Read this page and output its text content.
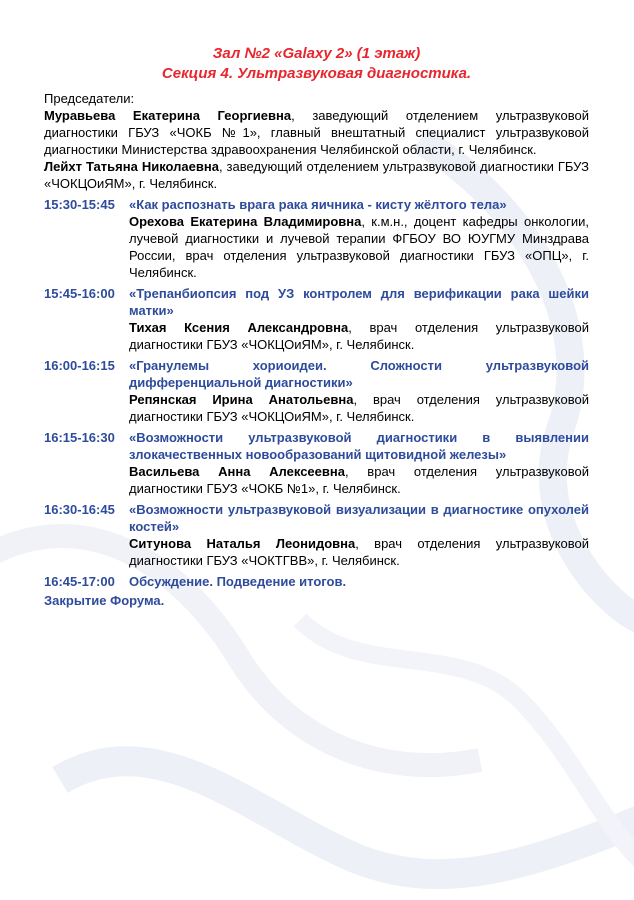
Зал №2 «Galaxy 2» (1 этаж)

Секция 4. Ультразвуковая диагностика.

Председатели:
Муравьева Екатерина Георгиевна, заведующий отделением ультразвуковой диагностики ГБУЗ «ЧОКБ №1», главный внештатный специалист ультразвуковой диагностики Министерства здравоохранения Челябинской области, г. Челябинск.
Лейхт Татьяна Николаевна, заведующий отделением ультразвуковой диагностики ГБУЗ «ЧОКЦОиЯМ», г. Челябинск.
15:30-15:45	«Как распознать врага рака яичника - кисту жёлтого тела»
Орехова Екатерина Владимировна, к.м.н., доцент кафедры онкологии, лучевой диагностики и лучевой терапии ФГБОУ ВО ЮУГМУ Минздрава России, врач отделения ультразвуковой диагностики ГБУЗ «ОПЦ», г. Челябинск.
15:45-16:00	«Трепанбиопсия под УЗ контролем для верификации рака шейки матки»
Тихая Ксения Александровна, врач отделения ультразвуковой диагностики ГБУЗ «ЧОКЦОиЯМ», г. Челябинск.
16:00-16:15	«Гранулемы хориоидеи. Сложности ультразвуковой дифференциальной диагностики»
Репянская Ирина Анатольевна, врач отделения ультразвуковой диагностики ГБУЗ «ЧОКЦОиЯМ», г. Челябинск.
16:15-16:30	«Возможности ультразвуковой диагностики в выявлении злокачественных новообразований щитовидной железы»
Васильева Анна Алексеевна, врач отделения ультразвуковой диагностики ГБУЗ «ЧОКБ №1», г. Челябинск.
16:30-16:45	«Возможности ультразвуковой визуализации в диагностике опухолей костей»
Ситунова Наталья Леонидовна, врач отделения ультразвуковой диагностики ГБУЗ «ЧОКТГВВ», г. Челябинск.
16:45-17:00	Обсуждение. Подведение итогов.
Закрытие Форума.
